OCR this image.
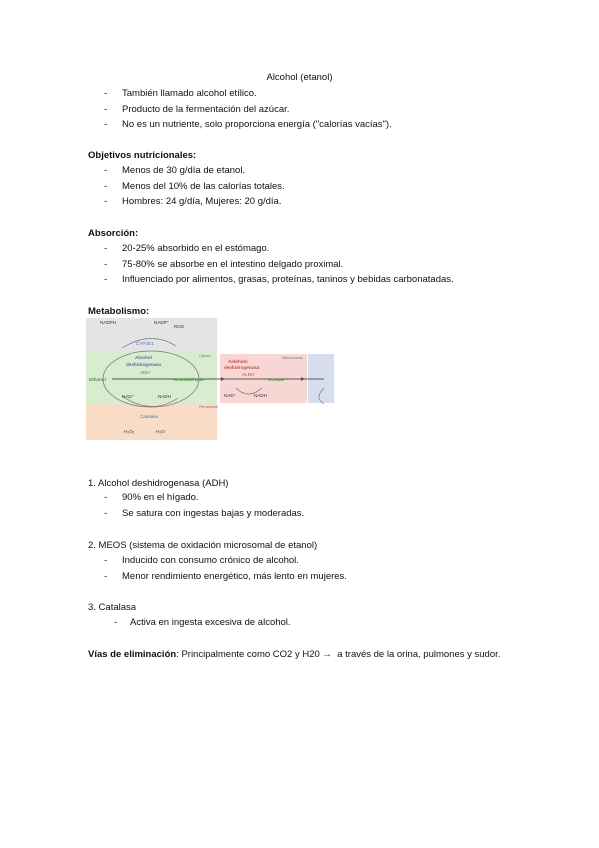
Alcohol (etanol)
- También llamado alcohol etílico.
- Producto de la fermentación del azúcar.
- No es un nutriente, solo proporciona energía ("calorías vacías").
Objetivos nutricionales:
- Menos de 30 g/día de etanol.
- Menos del 10% de las calorías totales.
- Hombres: 24 g/día, Mujeres: 20 g/día.
Absorción:
- 20-25% absorbido en el estómago.
- 75-80% se absorbe en el intestino delgado proximal.
- Influenciado por alimentos, grasas, proteínas, taninos y bebidas carbonatadas.
Metabolismo:
NADPH	NADP⁺
ROS
CYP2E1
Cytosol
Alcohol
deshidrogenasa
ADH
Ethanol	Acetaldehyde
NAD⁺	NADH
Peroxisome
Catalase
H₂O₂	H₂O
Mitochondria
Aldehído
deshidrogenasa
ALDH
Acetate
NAD⁺	NADH
1. Alcohol deshidrogenasa (ADH)
- 90% en el hígado.
- Se satura con ingestas bajas y moderadas.
2. MEOS (sistema de oxidación microsomal de etanol)
- Inducido con consumo crónico de alcohol.
- Menor rendimiento energético, más lento en mujeres.
3. Catalasa
- Activa en ingesta excesiva de alcohol.
Vías de eliminación: Principalmente como CO2 y H20 → a través de la orina, pulmones y sudor.
